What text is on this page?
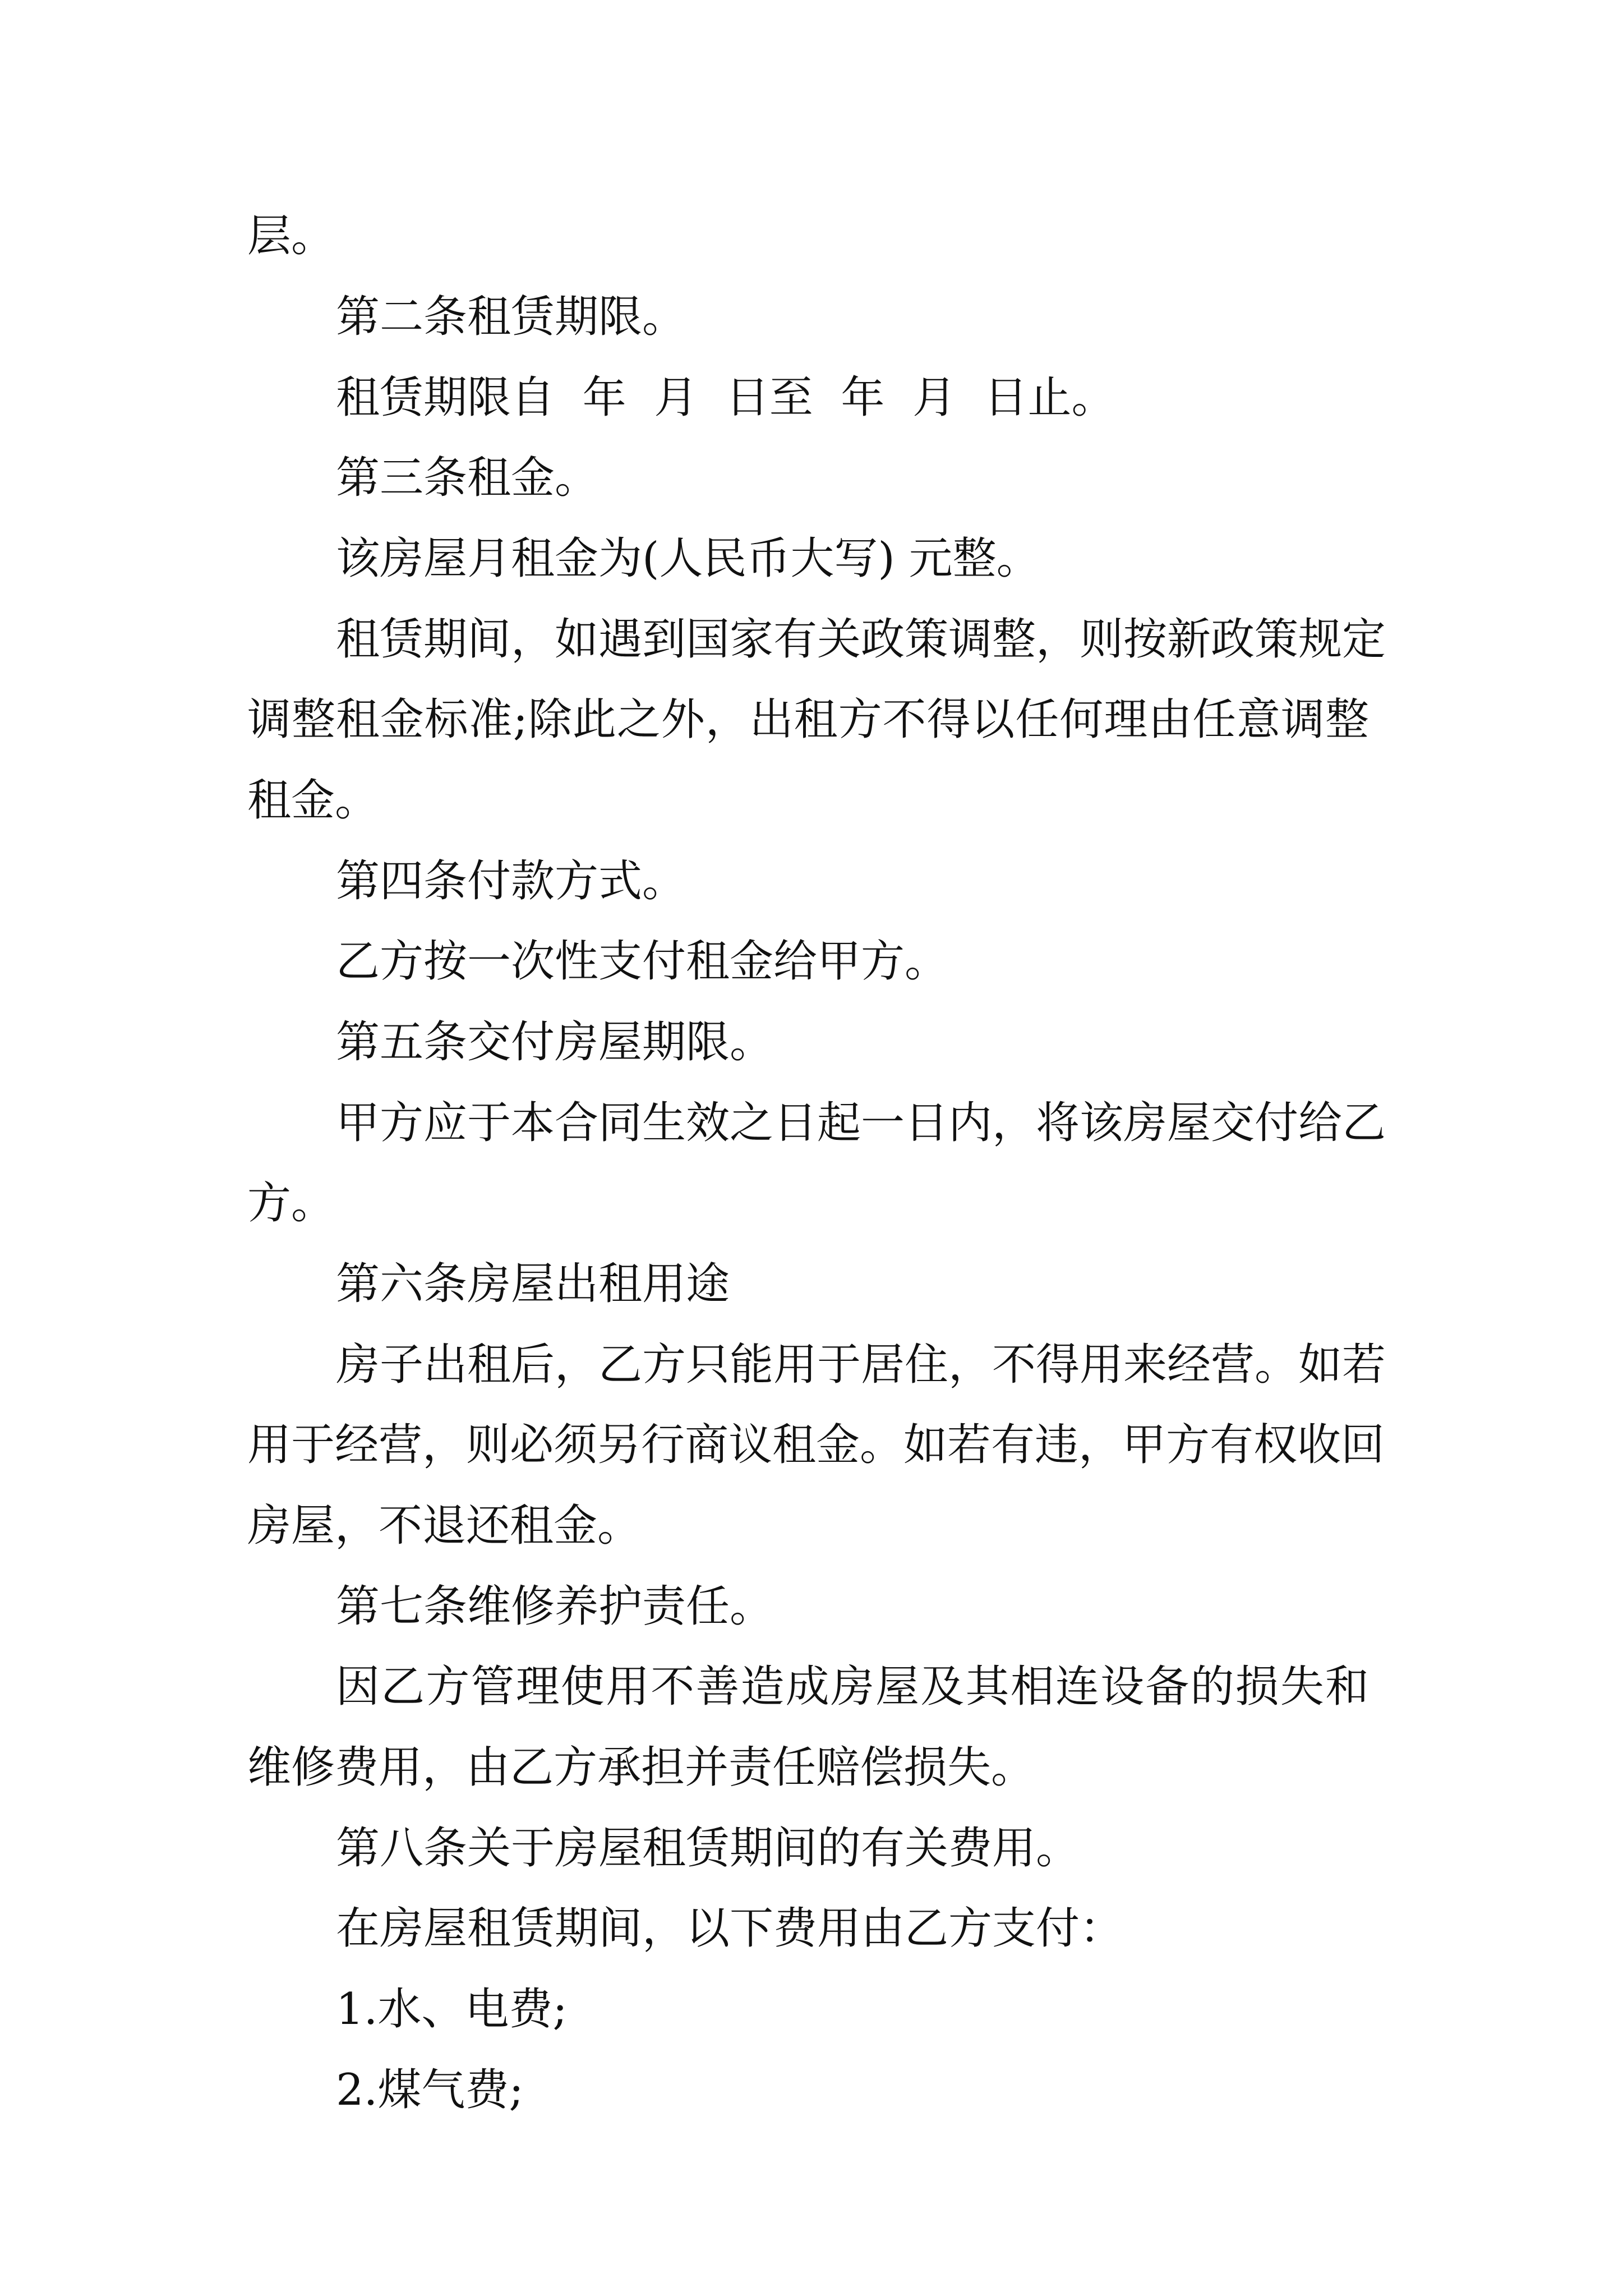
层。
第二条租赁期限。
租赁期限自  年  月  日至  年  月  日止。
第三条租金。
该房屋月租金为(人民币大写) 元整。
租赁期间，如遇到国家有关政策调整，则按新政策规定
调整租金标准;除此之外，出租方不得以任何理由任意调整
租金。
第四条付款方式。
乙方按一次性支付租金给甲方。
第五条交付房屋期限。
甲方应于本合同生效之日起一日内，将该房屋交付给乙
方。
第六条房屋出租用途
房子出租后，乙方只能用于居住，不得用来经营。如若
用于经营，则必须另行商议租金。如若有违，甲方有权收回
房屋，不退还租金。
第七条维修养护责任。
因乙方管理使用不善造成房屋及其相连设备的损失和
维修费用，由乙方承担并责任赔偿损失。
第八条关于房屋租赁期间的有关费用。
在房屋租赁期间，以下费用由乙方支付：
1.水、电费;
2.煤气费;
